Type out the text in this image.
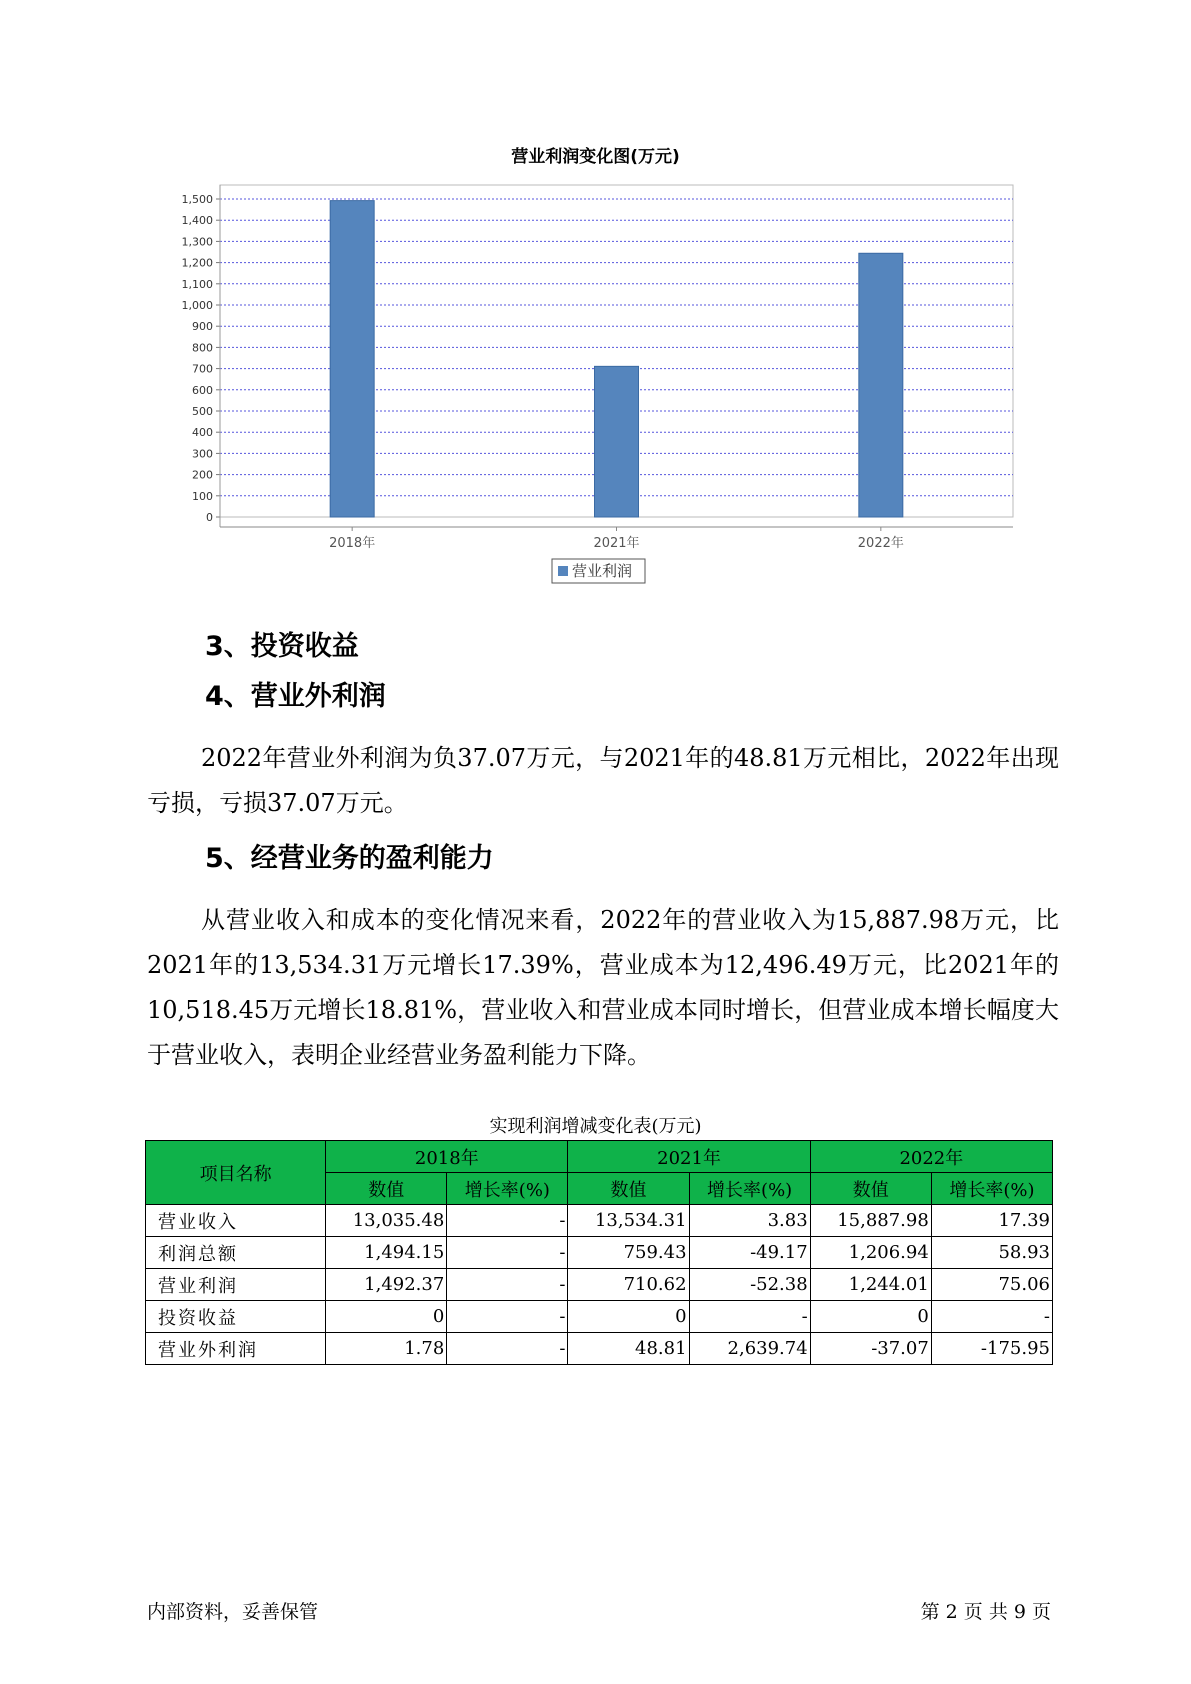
营业利润变化图(万元)
0
100
200
300
400
500
600
700
800
900
1,000
1,100
1,200
1,300
1,400
1,500
2018年	2021年	2022年
营业利润
3、投资收益
4、营业外利润

2022年营业外利润为负37.07万元，与2021年的48.81万元相比，2022年出现亏损，亏损37.07万元。

5、经营业务的盈利能力

从营业收入和成本的变化情况来看，2022年的营业收入为15,887.98万元，比2021年的13,534.31万元增长17.39%，营业成本为12,496.49万元，比2021年的10,518.45万元增长18.81%，营业收入和营业成本同时增长，但营业成本增长幅度大于营业收入，表明企业经营业务盈利能力下降。

实现利润增减变化表(万元)
项目名称	2018年		2021年		2022年	
	数值	增长率(%)	数值	增长率(%)	数值	增长率(%)
营业收入	13,035.48	-	13,534.31	3.83	15,887.98	17.39
利润总额	1,494.15	-	759.43	-49.17	1,206.94	58.93
营业利润	1,492.37	-	710.62	-52.38	1,244.01	75.06
投资收益	0	-	0	-	0	-
营业外利润	1.78	-	48.81	2,639.74	-37.07	-175.95
内部资料，妥善保管	第 2 页 共 9 页
